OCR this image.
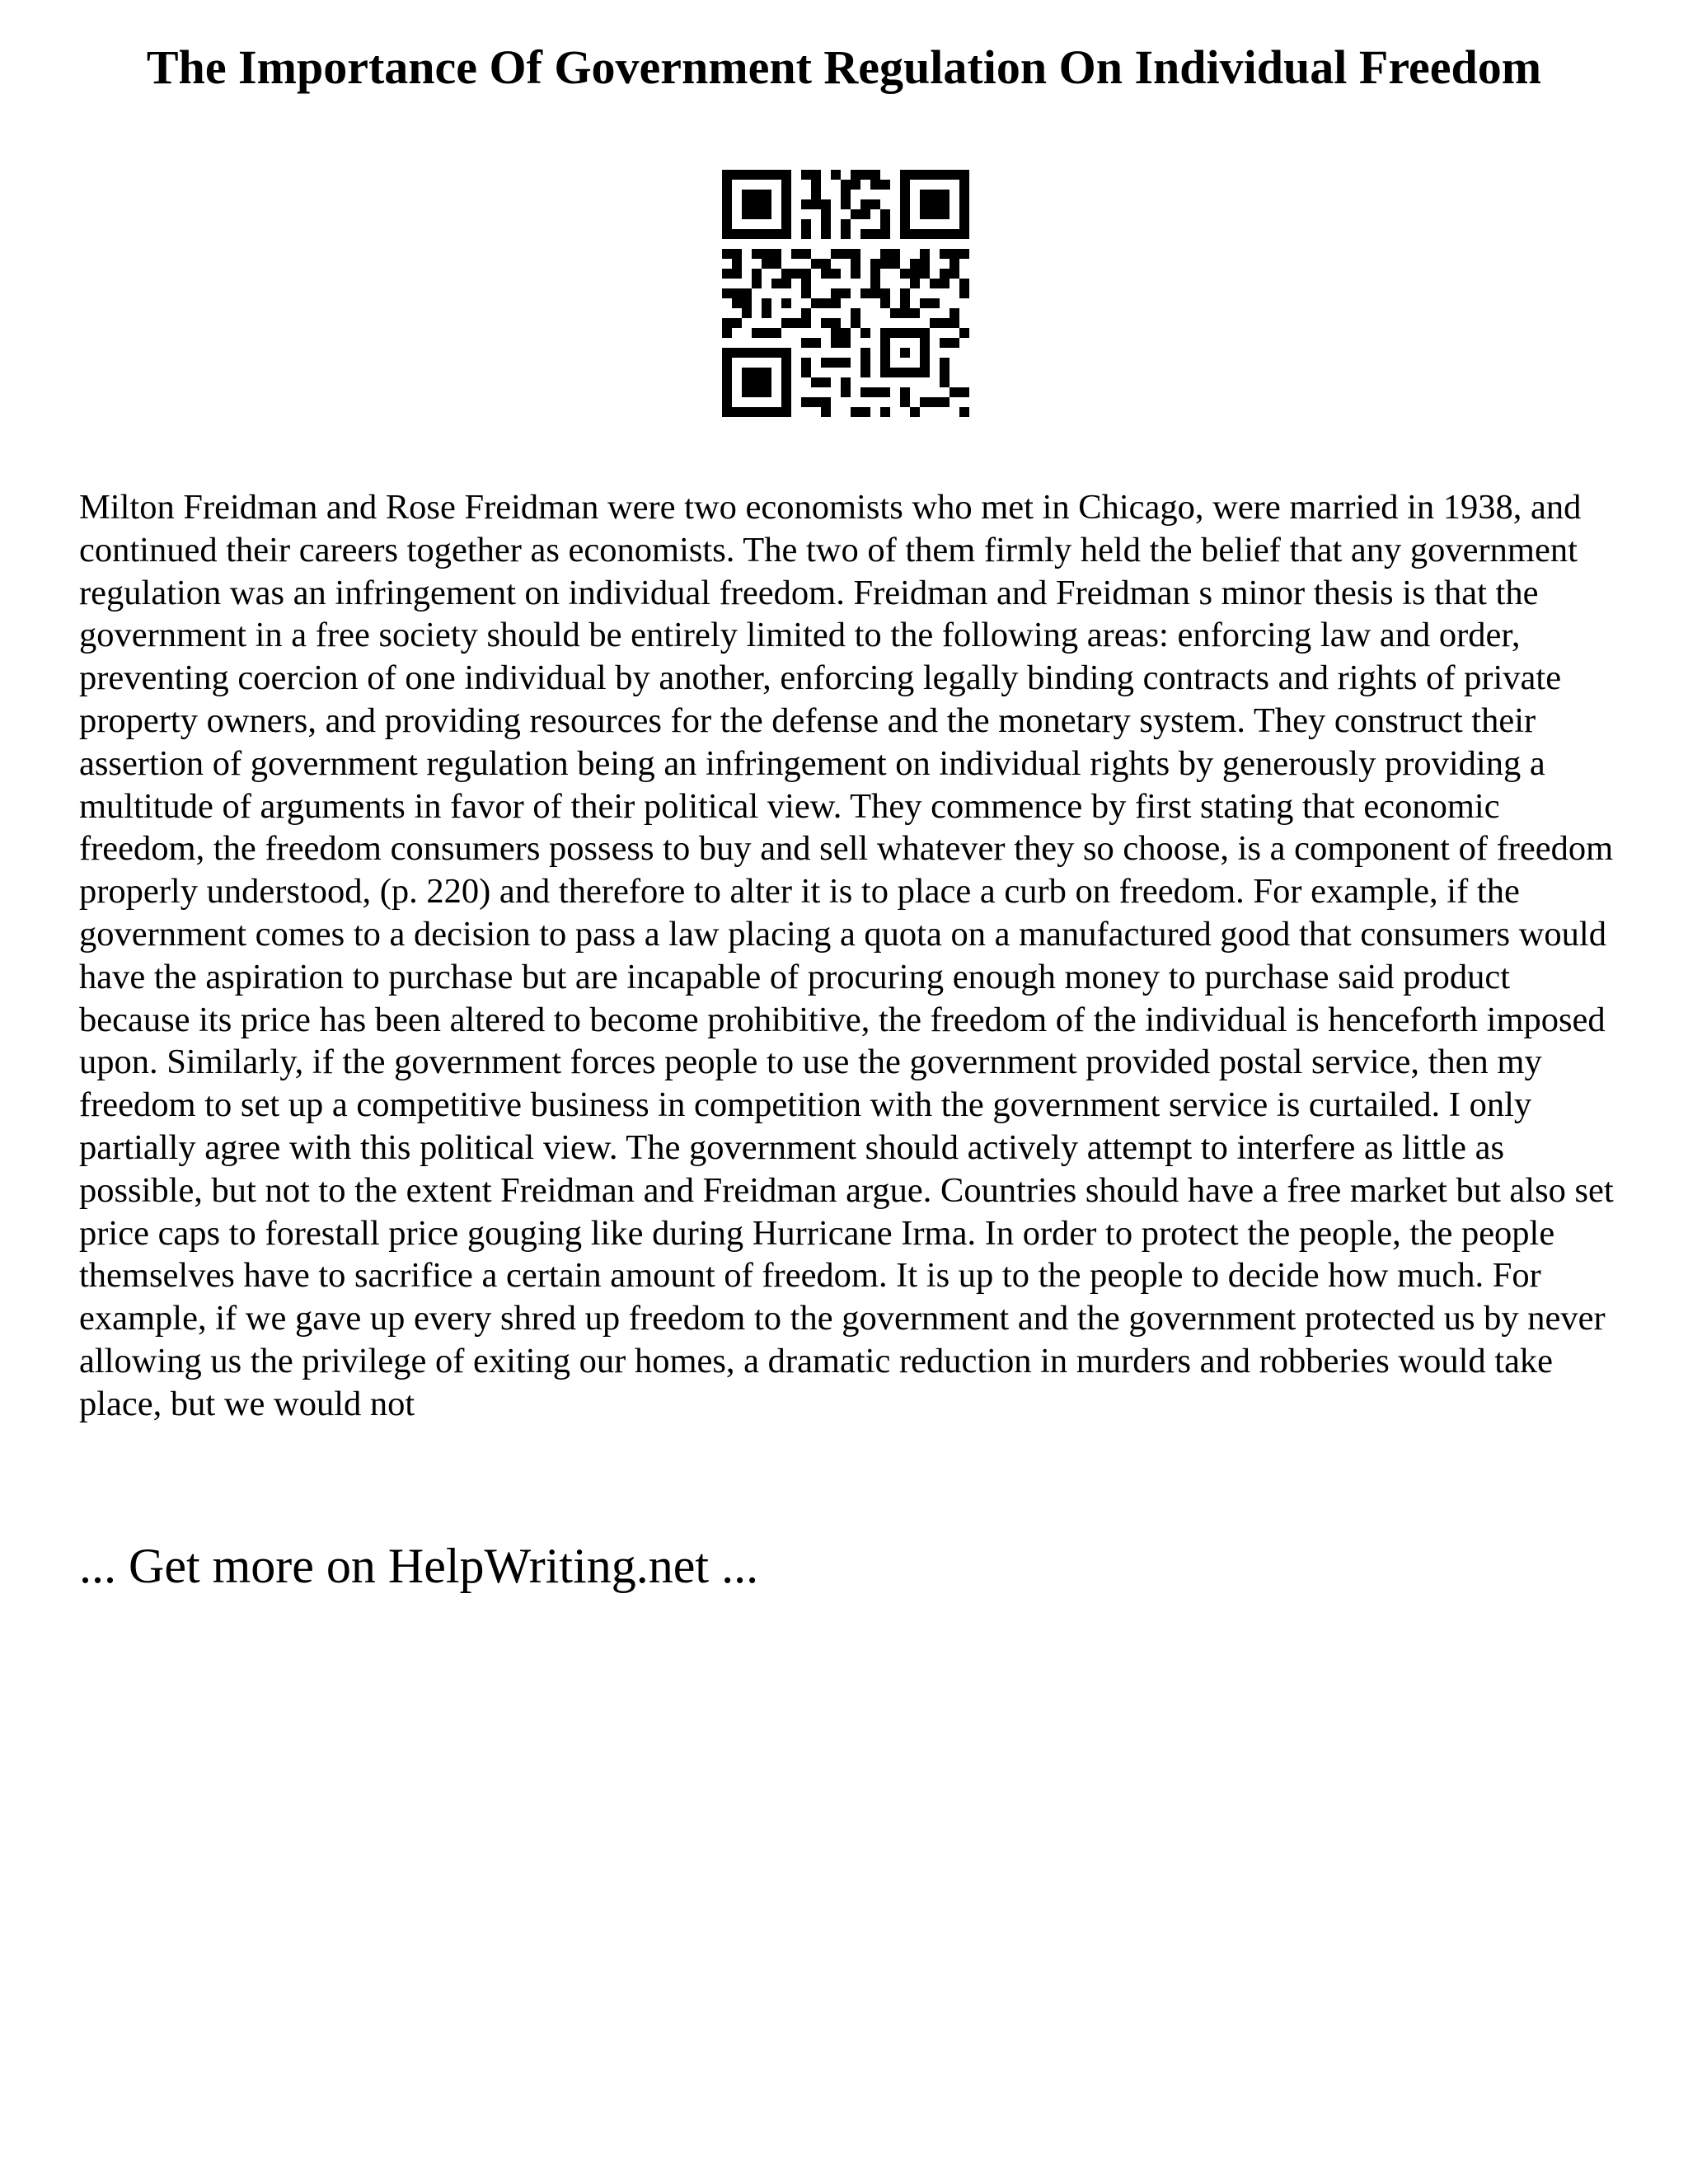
The Importance Of Government Regulation On Individual Freedom

Milton Freidman and Rose Freidman were two economists who met in Chicago, were married in 1938, and continued their careers together as economists. The two of them firmly held the belief that any government regulation was an infringement on individual freedom. Freidman and Freidman s minor thesis is that the government in a free society should be entirely limited to the following areas: enforcing law and order, preventing coercion of one individual by another, enforcing legally binding contracts and rights of private property owners, and providing resources for the defense and the monetary system. They construct their assertion of government regulation being an infringement on individual rights by generously providing a multitude of arguments in favor of their political view. They commence by first stating that economic freedom, the freedom consumers possess to buy and sell whatever they so choose, is a component of freedom properly understood, (p. 220) and therefore to alter it is to place a curb on freedom. For example, if the government comes to a decision to pass a law placing a quota on a manufactured good that consumers would have the aspiration to purchase but are incapable of procuring enough money to purchase said product because its price has been altered to become prohibitive, the freedom of the individual is henceforth imposed upon. Similarly, if the government forces people to use the government provided postal service, then my freedom to set up a competitive business in competition with the government service is curtailed. I only partially agree with this political view. The government should actively attempt to interfere as little as possible, but not to the extent Freidman and Freidman argue. Countries should have a free market but also set price caps to forestall price gouging like during Hurricane Irma. In order to protect the people, the people themselves have to sacrifice a certain amount of freedom. It is up to the people to decide how much. For example, if we gave up every shred up freedom to the government and the government protected us by never allowing us the privilege of exiting our homes, a dramatic reduction in murders and robberies would take place, but we would not

... Get more on HelpWriting.net ...
